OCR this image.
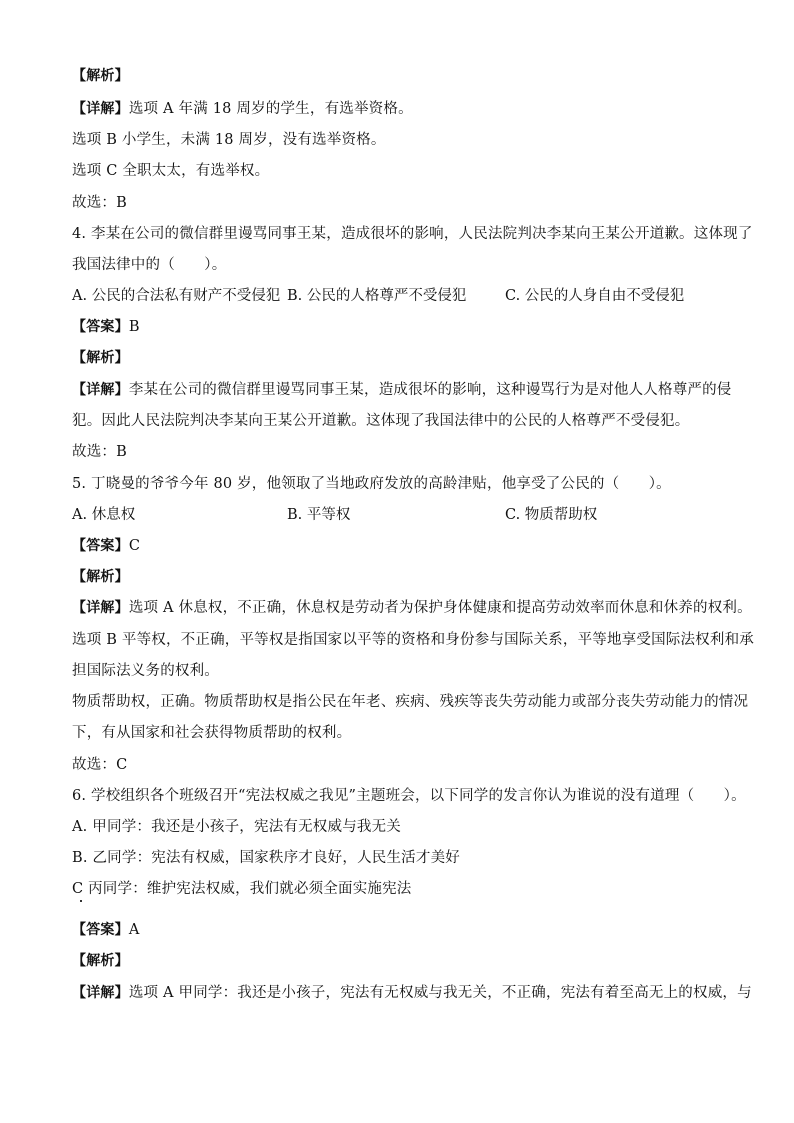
【解析】
【详解】选项 A 年满 18 周岁的学生，有选举资格。
选项 B 小学生，未满 18 周岁，没有选举资格。
选项 C 全职太太，有选举权。
故选：B
4. 李某在公司的微信群里谩骂同事王某，造成很坏的影响，人民法院判决李某向王某公开道歉。这体现了
我国法律中的（　　）。
A. 公民的合法私有财产不受侵犯 B. 公民的人格尊严不受侵犯	C. 公民的人身自由不受侵犯
【答案】B
【解析】
【详解】李某在公司的微信群里谩骂同事王某，造成很坏的影响，这种谩骂行为是对他人人格尊严的侵
犯。因此人民法院判决李某向王某公开道歉。这体现了我国法律中的公民的人格尊严不受侵犯。
故选：B
5. 丁晓曼的爷爷今年 80 岁，他领取了当地政府发放的高龄津贴，他享受了公民的（　　）。
A. 休息权	B. 平等权	C. 物质帮助权
【答案】C
【解析】
【详解】选项 A 休息权，不正确，休息权是劳动者为保护身体健康和提高劳动效率而休息和休养的权利。
选项 B 平等权，不正确，平等权是指国家以平等的资格和身份参与国际关系，平等地享受国际法权利和承
担国际法义务的权利。
物质帮助权，正确。物质帮助权是指公民在年老、疾病、残疾等丧失劳动能力或部分丧失劳动能力的情况
下，有从国家和社会获得物质帮助的权利。
故选：C
6. 学校组织各个班级召开“宪法权威之我见”主题班会，以下同学的发言你认为谁说的没有道理（　　）。
A. 甲同学：我还是小孩子，宪法有无权威与我无关
B. 乙同学：宪法有权威，国家秩序才良好，人民生活才美好
C 丙同学：维护宪法权威，我们就必须全面实施宪法
【答案】A
【解析】
【详解】选项 A 甲同学：我还是小孩子，宪法有无权威与我无关，不正确，宪法有着至高无上的权威，与
